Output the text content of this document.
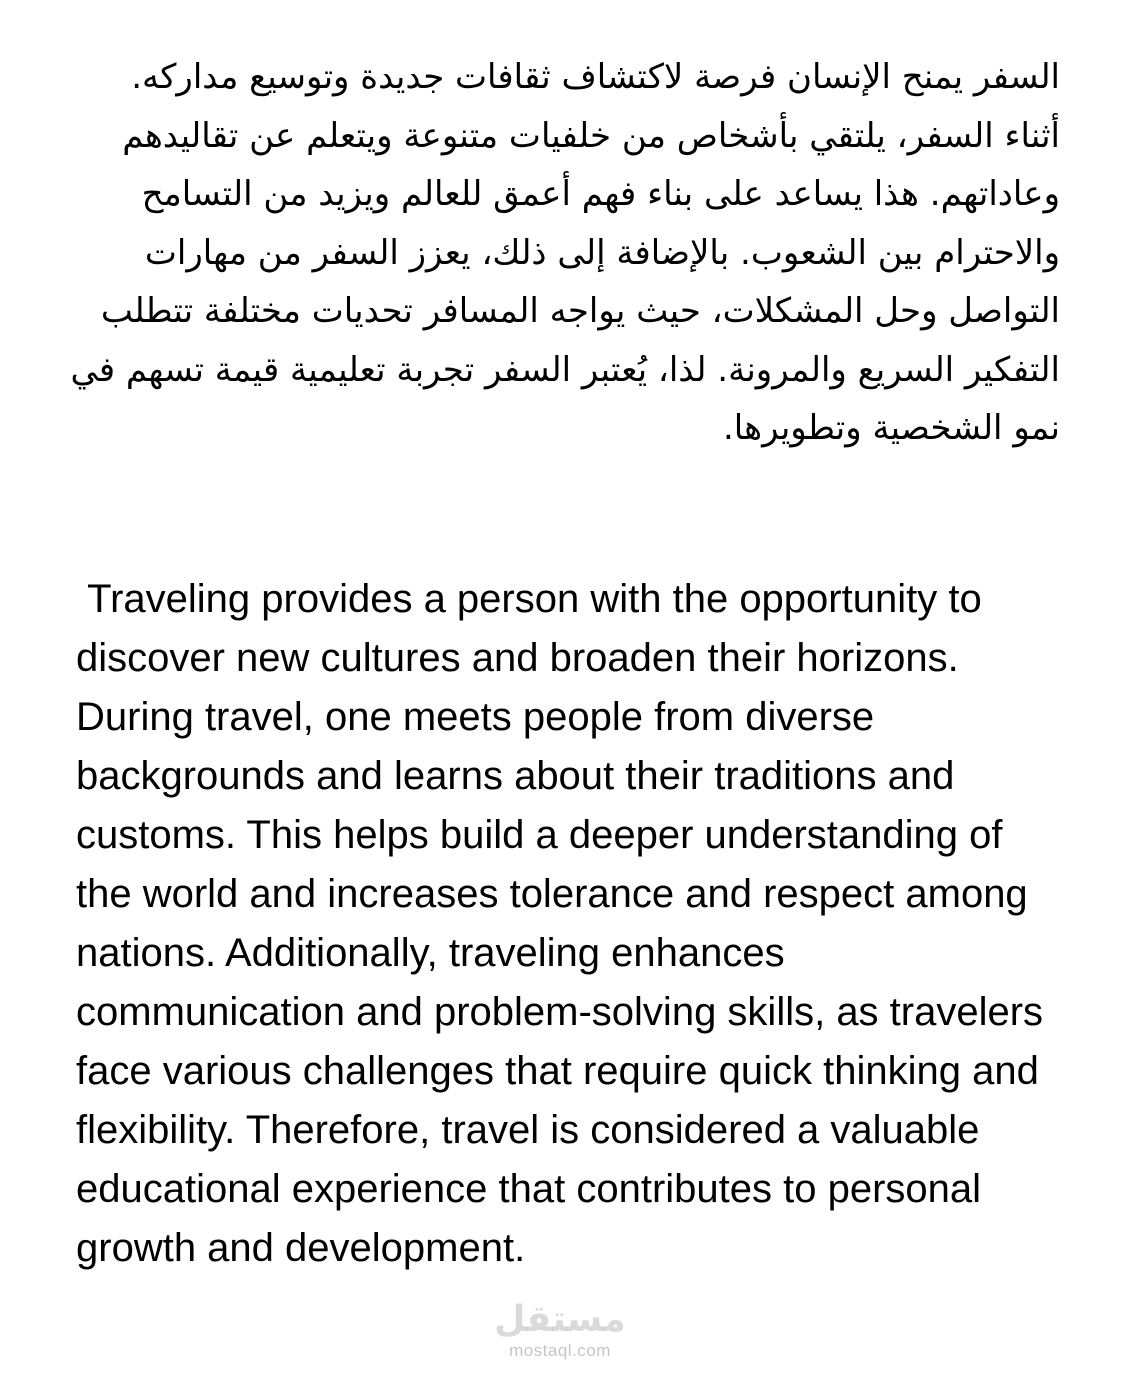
السفر يمنح الإنسان فرصة لاكتشاف ثقافات جديدة وتوسيع مداركه. أثناء السفر، يلتقي بأشخاص من خلفيات متنوعة ويتعلم عن تقاليدهم وعاداتهم. هذا يساعد على بناء فهم أعمق للعالم ويزيد من التسامح والاحترام بين الشعوب. بالإضافة إلى ذلك، يعزز السفر من مهارات التواصل وحل المشكلات، حيث يواجه المسافر تحديات مختلفة تتطلب التفكير السريع والمرونة. لذا، يُعتبر السفر تجربة تعليمية قيمة تسهم في نمو الشخصية وتطويرها.

Traveling provides a person with the opportunity to discover new cultures and broaden their horizons. During travel, one meets people from diverse backgrounds and learns about their traditions and customs. This helps build a deeper understanding of the world and increases tolerance and respect among nations. Additionally, traveling enhances communication and problem-solving skills, as travelers face various challenges that require quick thinking and flexibility. Therefore, travel is considered a valuable educational experience that contributes to personal growth and development.

مستقل
mostaql.com
